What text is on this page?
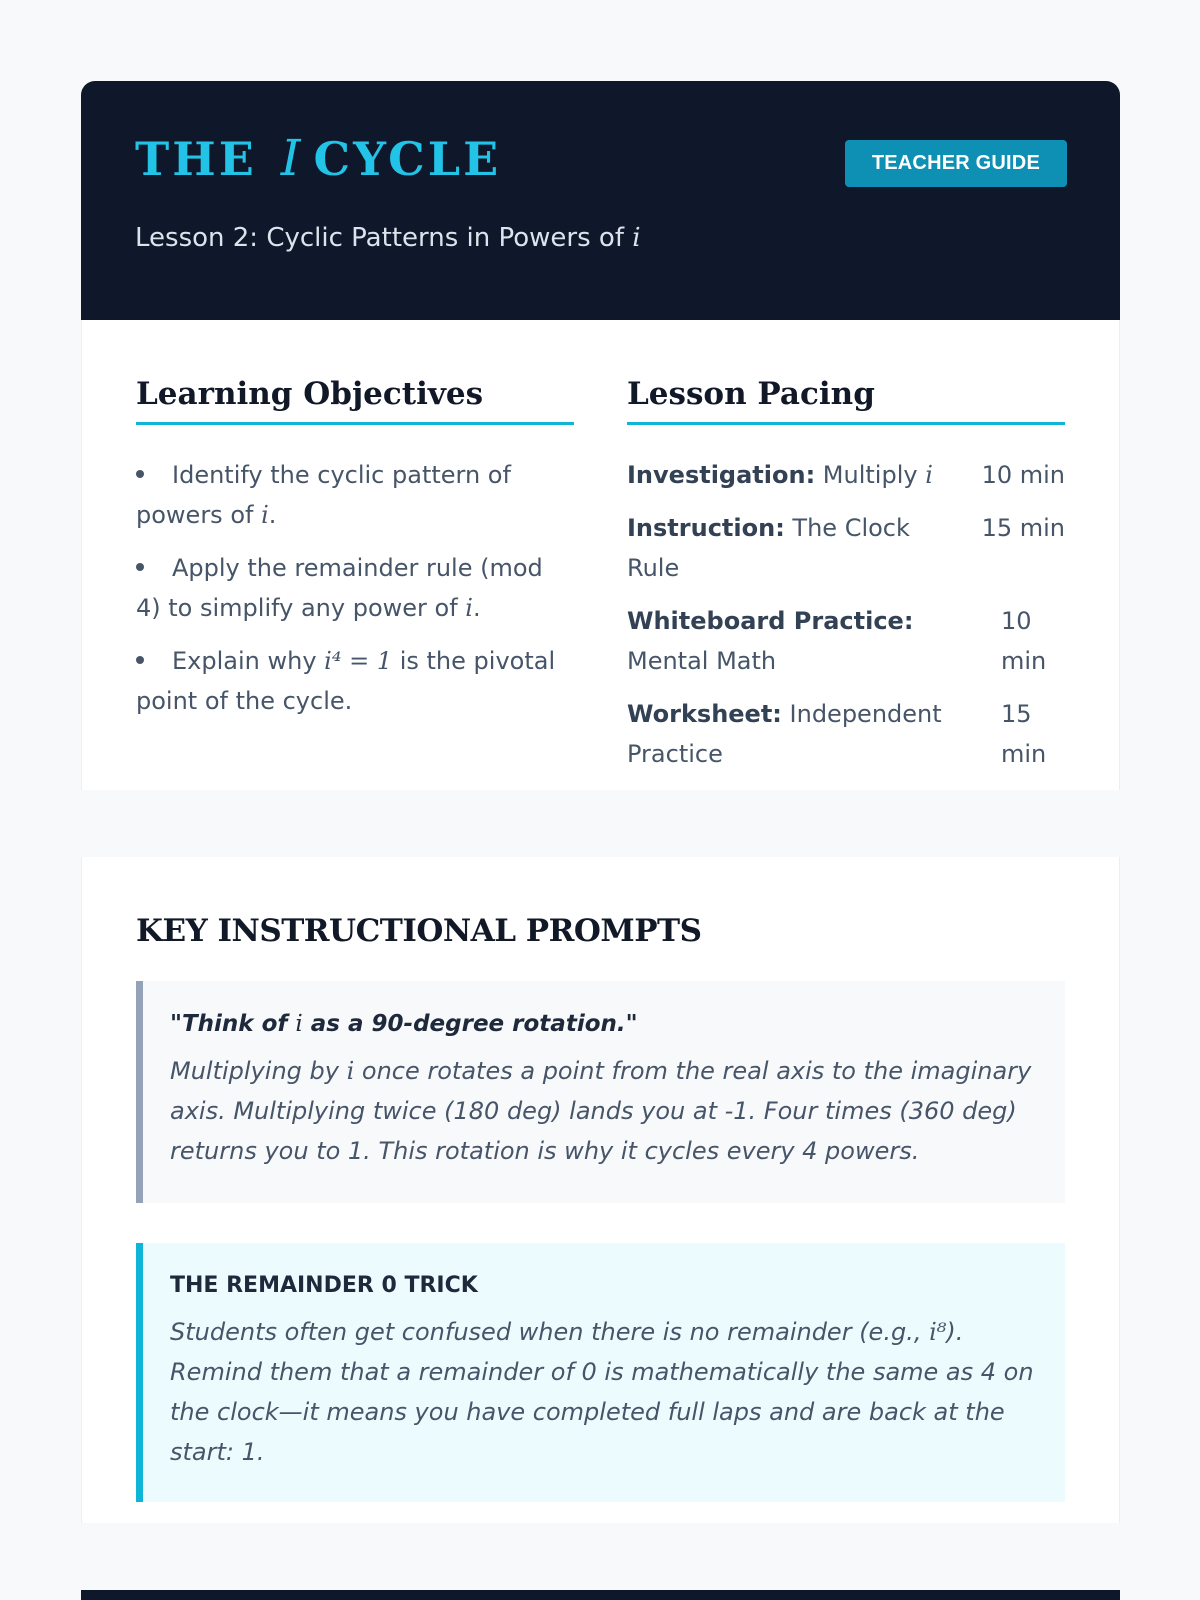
THE I CYCLE	TEACHER GUIDE
Lesson 2: Cyclic Patterns in Powers of i
Learning Objectives
Identify the cyclic pattern of powers of i.
Apply the remainder rule (mod 4) to simplify any power of i.
Explain why i⁴ = 1 is the pivotal point of the cycle.
Lesson Pacing
Investigation: Multiply i	10 min
Instruction: The Clock Rule
15 min
Whiteboard Practice: Mental Math
10 min
Worksheet: Independent Practice
15 min
KEY INSTRUCTIONAL PROMPTS
"Think of i as a 90-degree rotation."
Multiplying by i once rotates a point from the real axis to the imaginary axis. Multiplying twice (180 deg) lands you at -1. Four times (360 deg) returns you to 1. This rotation is why it cycles every 4 powers.
THE REMAINDER 0 TRICK
Students often get confused when there is no remainder (e.g., i⁸). Remind them that a remainder of 0 is mathematically the same as 4 on the clock—it means you have completed full laps and are back at the start: 1.
